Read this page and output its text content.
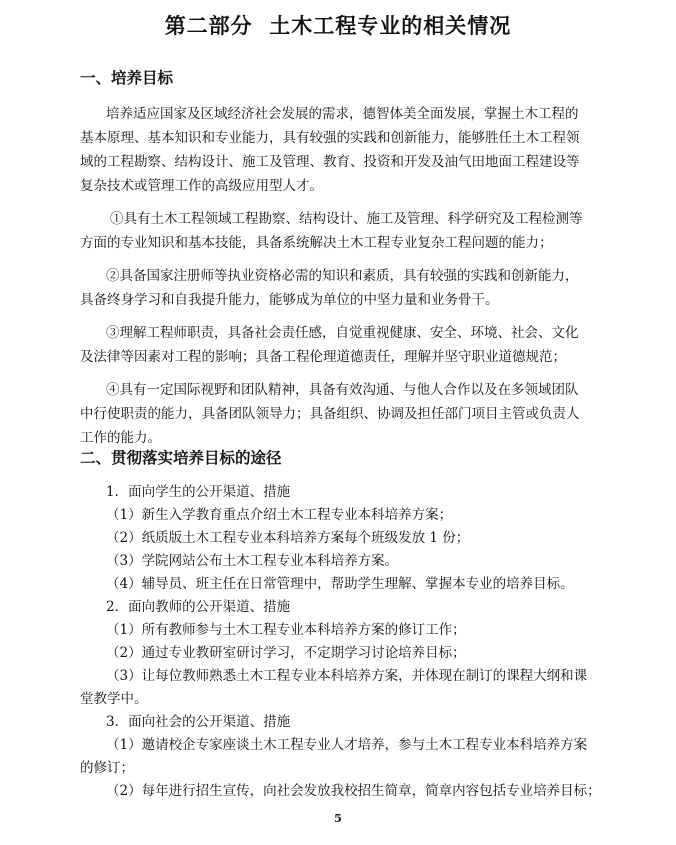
第二部分  土木工程专业的相关情况
一、培养目标
培养适应国家及区域经济社会发展的需求，德智体美全面发展，掌握土木工程的
基本原理、基本知识和专业能力，具有较强的实践和创新能力，能够胜任土木工程领
域的工程勘察、结构设计、施工及管理、教育、投资和开发及油气田地面工程建设等
复杂技术或管理工作的高级应用型人才。
①具有土木工程领域工程勘察、结构设计、施工及管理、科学研究及工程检测等
方面的专业知识和基本技能，具备系统解决土木工程专业复杂工程问题的能力；
②具备国家注册师等执业资格必需的知识和素质，具有较强的实践和创新能力，
具备终身学习和自我提升能力，能够成为单位的中坚力量和业务骨干。
③理解工程师职责，具备社会责任感，自觉重视健康、安全、环境、社会、文化
及法律等因素对工程的影响；具备工程伦理道德责任，理解并坚守职业道德规范；
④具有一定国际视野和团队精神，具备有效沟通、与他人合作以及在多领域团队
中行使职责的能力，具备团队领导力；具备组织、协调及担任部门项目主管或负责人
工作的能力。
二、贯彻落实培养目标的途径
1．面向学生的公开渠道、措施
（1）新生入学教育重点介绍土木工程专业本科培养方案；
（2）纸质版土木工程专业本科培养方案每个班级发放 1 份；
（3）学院网站公布土木工程专业本科培养方案。
（4）辅导员、班主任在日常管理中，帮助学生理解、掌握本专业的培养目标。
2．面向教师的公开渠道、措施
（1）所有教师参与土木工程专业本科培养方案的修订工作；
（2）通过专业教研室研讨学习，不定期学习讨论培养目标；
（3）让每位教师熟悉土木工程专业本科培养方案，并体现在制订的课程大纲和课
堂教学中。
3．面向社会的公开渠道、措施
（1）邀请校企专家座谈土木工程专业人才培养，参与土木工程专业本科培养方案
的修订；
（2）每年进行招生宣传，向社会发放我校招生简章，简章内容包括专业培养目标；
5
